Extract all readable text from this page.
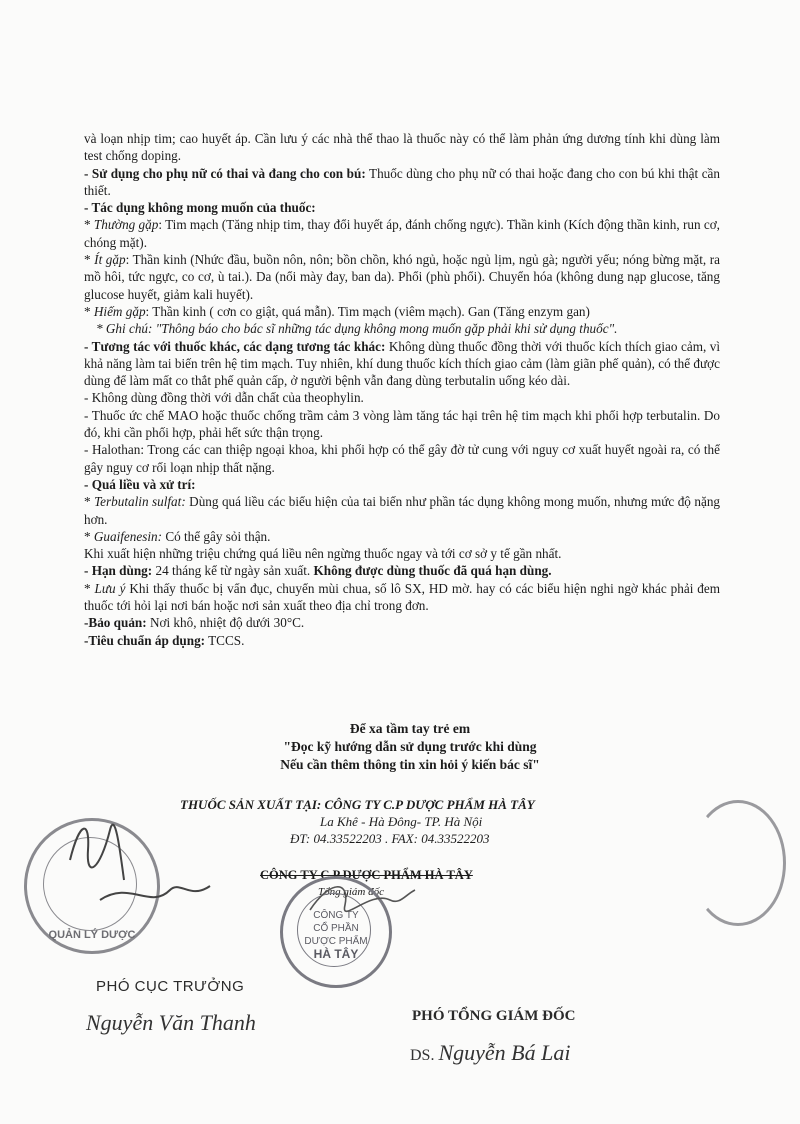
và loạn nhịp tim; cao huyết áp. Cần lưu ý các nhà thể thao là thuốc này có thể làm phản ứng dương tính khi dùng làm test chống doping.

- Sử dụng cho phụ nữ có thai và đang cho con bú: Thuốc dùng cho phụ nữ có thai hoặc đang cho con bú khi thật cần thiết.

- Tác dụng không mong muốn của thuốc:

* Thường gặp: Tim mạch (Tăng nhịp tim, thay đổi huyết áp, đánh chống ngực). Thần kinh (Kích động thần kinh, run cơ, chóng mặt).

* Ít gặp: Thần kinh (Nhức đầu, buồn nôn, nôn; bồn chồn, khó ngủ, hoặc ngủ lịm, ngủ gà; người yếu; nóng bừng mặt, ra mồ hôi, tức ngực, co cơ, ù tai.). Da (nổi mày đay, ban da). Phổi (phù phổi). Chuyển hóa (không dung nạp glucose, tăng glucose huyết, giảm kali huyết).

* Hiếm gặp: Thần kinh ( cơn co giật, quá mẫn). Tim mạch (viêm mạch). Gan (Tăng enzym gan)

* Ghi chú: "Thông báo cho bác sĩ những tác dụng không mong muốn gặp phải khi sử dụng thuốc".

- Tương tác với thuốc khác, các dạng tương tác khác: Không dùng thuốc đồng thời với thuốc kích thích giao cảm, vì khả năng làm tai biến trên hệ tim mạch. Tuy nhiên, khí dung thuốc kích thích giao cảm (làm giãn phế quản), có thể được dùng để làm mất co thắt phế quản cấp, ở người bệnh vẫn đang dùng terbutalin uống kéo dài.

- Không dùng đồng thời với dẫn chất của theophylin.

- Thuốc ức chế MAO hoặc thuốc chống trầm cảm 3 vòng làm tăng tác hại trên hệ tim mạch khi phối hợp terbutalin. Do đó, khi cần phối hợp, phải hết sức thận trọng.

- Halothan: Trong các can thiệp ngoại khoa, khi phối hợp có thể gây đờ tử cung với nguy cơ xuất huyết ngoài ra, có thể gây nguy cơ rối loạn nhịp thất nặng.

- Quá liều và xử trí:

* Terbutalin sulfat: Dùng quá liều các biểu hiện của tai biến như phần tác dụng không mong muốn, nhưng mức độ nặng hơn.

* Guaifenesin: Có thể gây sỏi thận.

Khi xuất hiện những triệu chứng quá liều nên ngừng thuốc ngay và tới cơ sở y tế gần nhất.

- Hạn dùng: 24 tháng kể từ ngày sản xuất. Không được dùng thuốc đã quá hạn dùng.

* Lưu ý Khi thấy thuốc bị vẩn đục, chuyển mùi chua, số lô SX, HD mờ. hay có các biểu hiện nghi ngờ khác phải đem thuốc tới hỏi lại nơi bán hoặc nơi sản xuất theo địa chỉ trong đơn.

-Bảo quản: Nơi khô, nhiệt độ dưới 30°C.

-Tiêu chuẩn áp dụng: TCCS.

Để xa tầm tay trẻ em
"Đọc kỹ hướng dẫn sử dụng trước khi dùng
Nếu cần thêm thông tin xin hỏi ý kiến bác sĩ"
THUỐC SẢN XUẤT TẠI: CÔNG TY C.P DƯỢC PHẨM HÀ TÂY
La Khê - Hà Đông- TP. Hà Nội
ĐT: 04.33522203 . FAX: 04.33522203
CÔNG TY C.P DƯỢC PHẨM HÀ TÂY
Tổng giám đốc
CÔNG TY
CỔ PHẦN
DƯỢC PHẨM
HÀ TÂY
QUẢN LÝ DƯỢC
PHÓ CỤC TRƯỞNG
Nguyễn Văn Thanh	PHÓ TỔNG GIÁM ĐỐC
DS. Nguyễn Bá Lai
